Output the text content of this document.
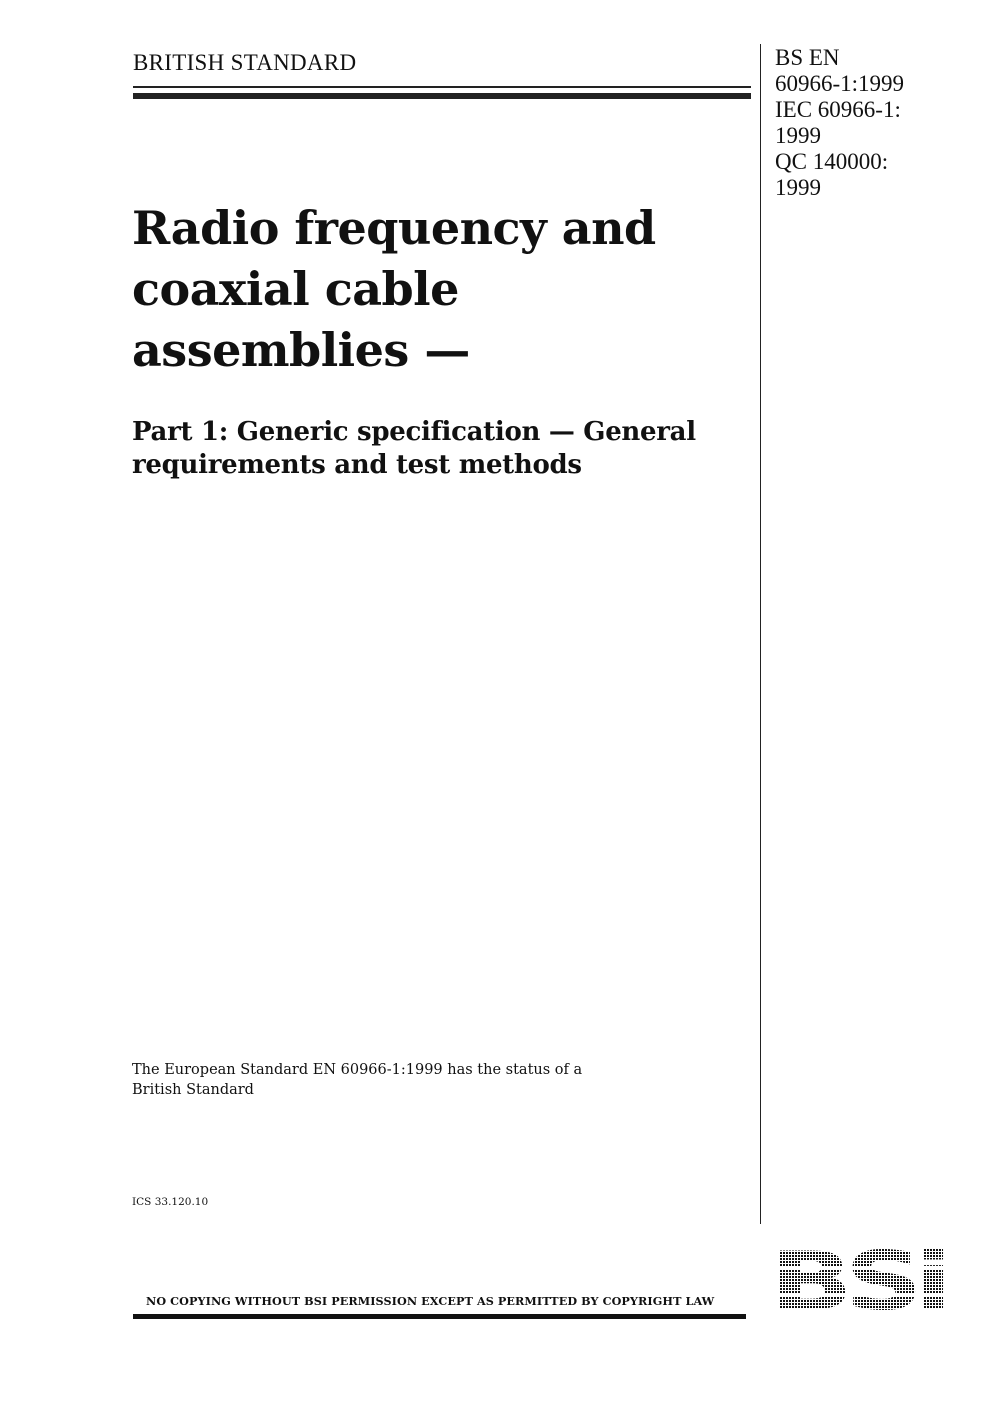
BRITISH STANDARD	BS EN
60966-1:1999
IEC 60966-1:
1999
QC 140000:
1999
Radio frequency and
coaxial cable
assemblies —
Part 1: Generic specification — General
requirements and test methods
The European Standard EN 60966-1:1999 has the status of a
British Standard
ICS 33.120.10
NO COPYING WITHOUT BSI PERMISSION EXCEPT AS PERMITTED BY COPYRIGHT LAW
